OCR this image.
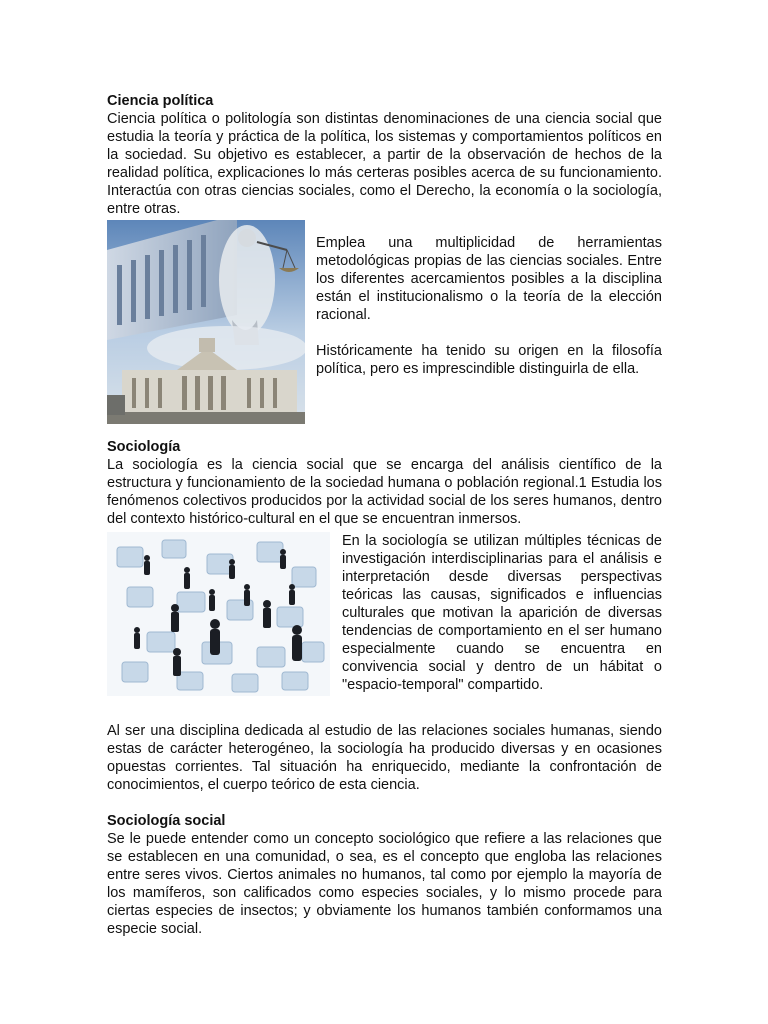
Ciencia política

Ciencia política o politología son distintas denominaciones de una ciencia social que estudia la teoría y práctica de la política, los sistemas y comportamientos políticos en la sociedad. Su objetivo es establecer, a partir de la observación de hechos de la realidad política, explicaciones lo más certeras posibles acerca de su funcionamiento. Interactúa con otras ciencias sociales, como el Derecho, la economía o la sociología, entre otras.

Emplea una multiplicidad de herramientas metodológicas propias de las ciencias sociales. Entre los diferentes acercamientos posibles a la disciplina están el institucionalismo o la teoría de la elección racional.

Históricamente ha tenido su origen en la filosofía política, pero es imprescindible distinguirla de ella.

Sociología

La sociología es la ciencia social que se encarga del análisis científico de la estructura y funcionamiento de la sociedad humana o población regional.1 Estudia los fenómenos colectivos producidos por la actividad social de los seres humanos, dentro del contexto histórico-cultural en el que se encuentran inmersos.

En la sociología se utilizan múltiples técnicas de investigación interdisciplinarias para el análisis e interpretación desde diversas perspectivas teóricas las causas, significados e influencias culturales que motivan la aparición de diversas tendencias de comportamiento en el ser humano especialmente cuando se encuentra en convivencia social y dentro de un hábitat o "espacio-temporal" compartido.

Al ser una disciplina dedicada al estudio de las relaciones sociales humanas, siendo estas de carácter heterogéneo, la sociología ha producido diversas y en ocasiones opuestas corrientes. Tal situación ha enriquecido, mediante la confrontación de conocimientos, el cuerpo teórico de esta ciencia.

Sociología social

Se le puede entender como un concepto sociológico que refiere a las relaciones que se establecen en una comunidad, o sea, es el concepto que engloba las relaciones entre seres vivos. Ciertos animales no humanos, tal como por ejemplo la mayoría de los mamíferos, son calificados como especies sociales, y lo mismo procede para ciertas especies de insectos; y obviamente los humanos también conformamos una especie social.
